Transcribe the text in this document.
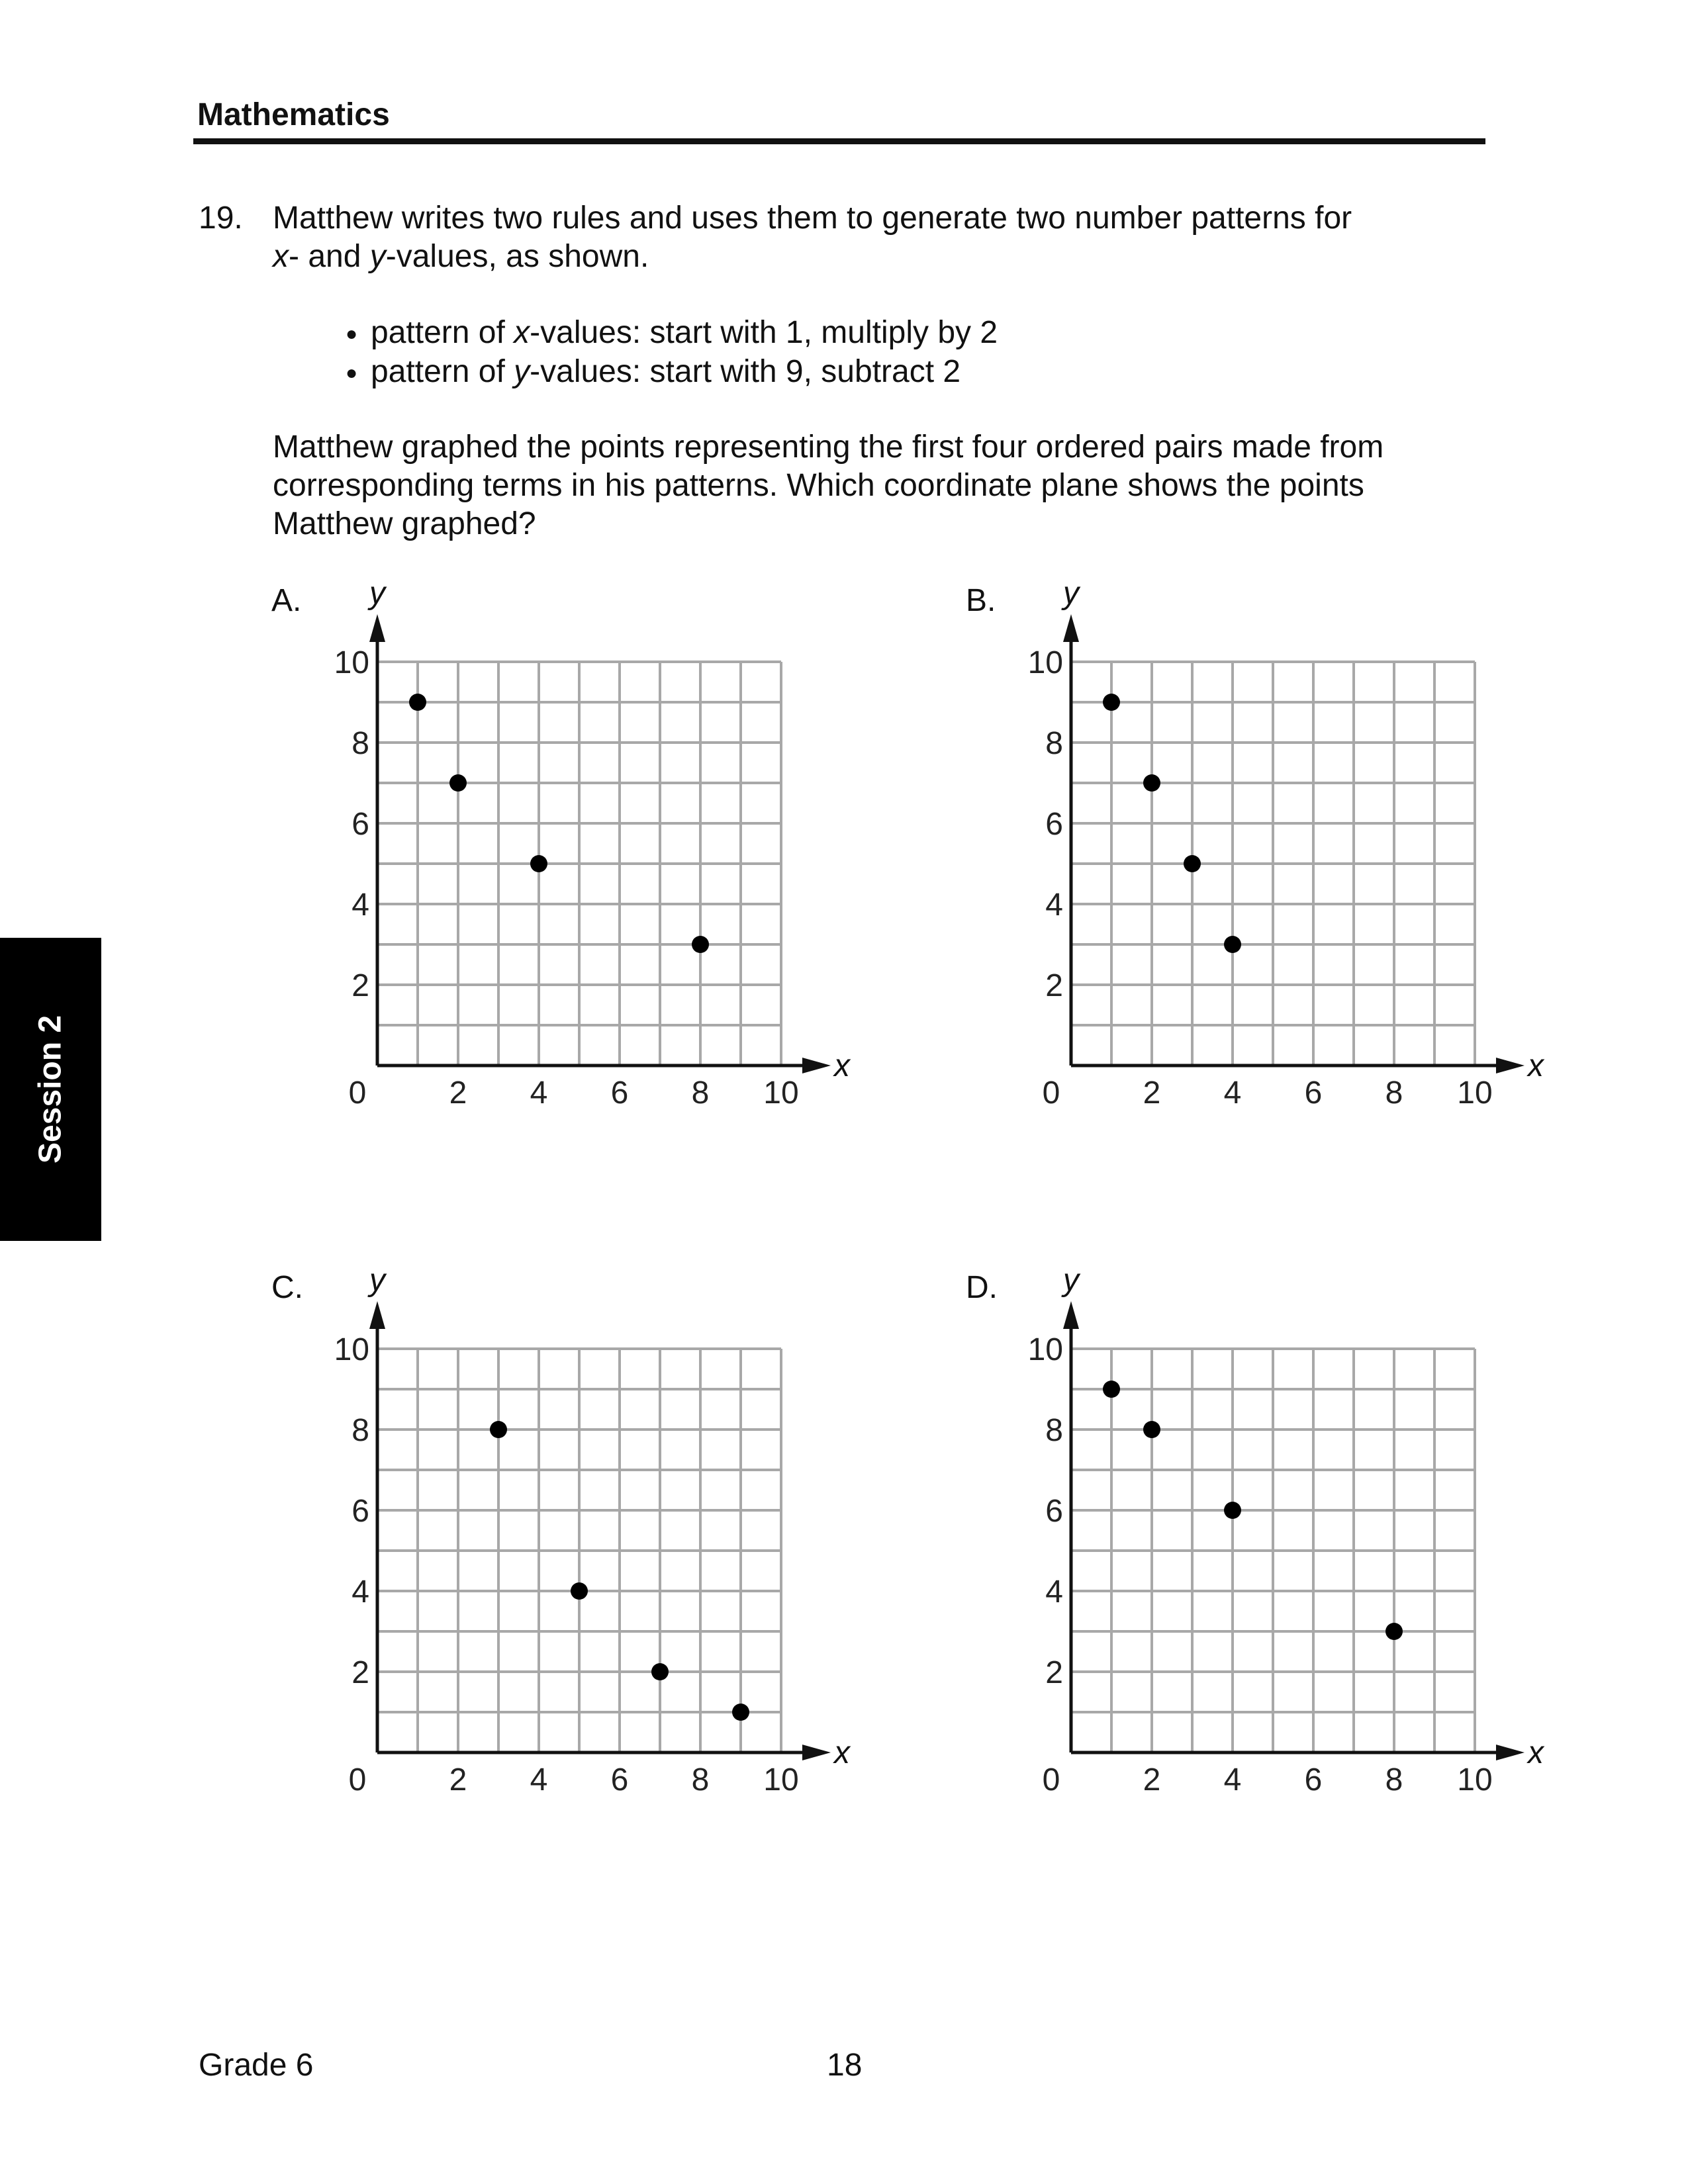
Mathematics
19. Matthew writes two rules and uses them to generate two number patterns for
x- and y-values, as shown.
● pattern of x-values: start with 1, multiply by 2
● pattern of y-values: start with 9, subtract 2
Matthew graphed the points representing the first four ordered pairs made from
corresponding terms in his patterns. Which coordinate plane shows the points
Matthew graphed?
A.	B.
C.	D.
x
y
0	2 4 6 8 10
2
4
6
8
10
x
y
0	2 4 6 8 10
2
4
6
8
10
x
y
0	2 4 6 8 10
2
4
6
8
10
x
y
0	2 4 6 8 10
2
4
6
8
10
Session 2
Grade 6	18
